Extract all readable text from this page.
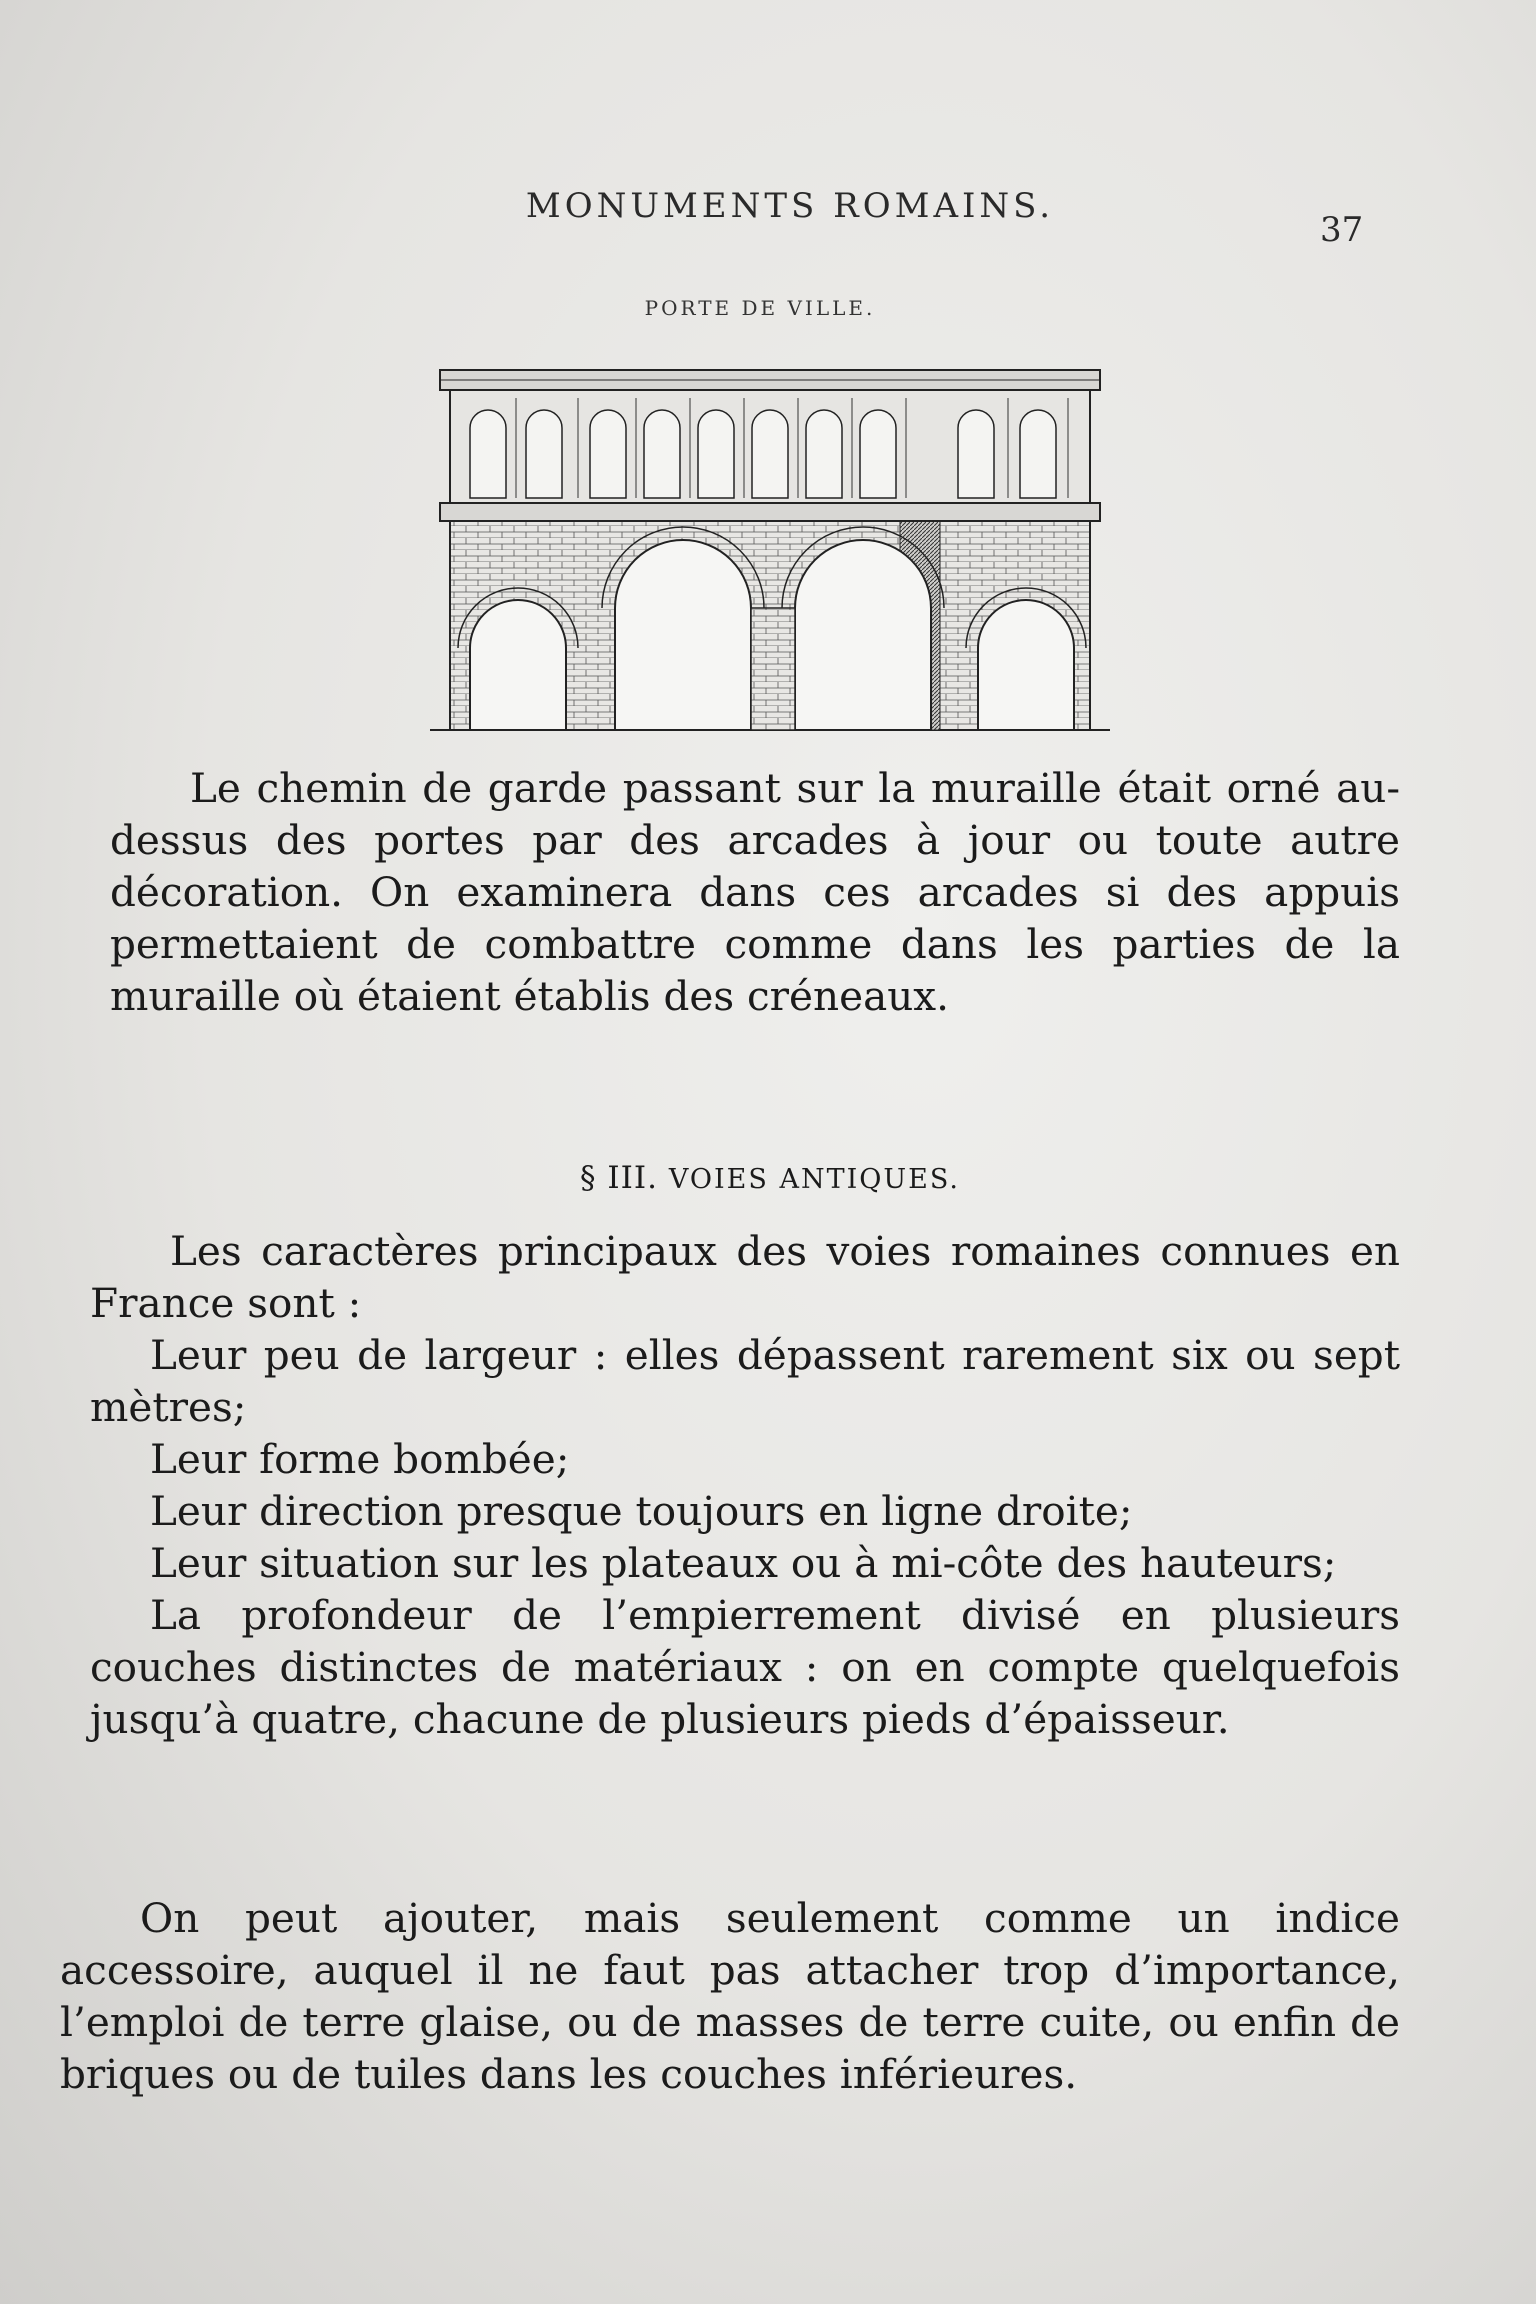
MONUMENTS ROMAINS.
37
PORTE DE VILLE.

Le chemin de garde passant sur la muraille était orné au-dessus des portes par des arcades à jour ou toute autre décoration. On examinera dans ces arcades si des appuis permettaient de combattre comme dans les parties de la muraille où étaient établis des créneaux.

§ III. VOIES ANTIQUES.

Les caractères principaux des voies romaines connues en France sont :

Leur peu de largeur : elles dépassent rarement six ou sept mètres;

Leur forme bombée;

Leur direction presque toujours en ligne droite;

Leur situation sur les plateaux ou à mi-côte des hauteurs;

La profondeur de l’empierrement divisé en plusieurs couches distinctes de matériaux : on en compte quelquefois jusqu’à quatre, chacune de plusieurs pieds d’épaisseur.

On peut ajouter, mais seulement comme un indice accessoire, auquel il ne faut pas attacher trop d’importance, l’emploi de terre glaise, ou de masses de terre cuite, ou enfin de briques ou de tuiles dans les couches inférieures.
